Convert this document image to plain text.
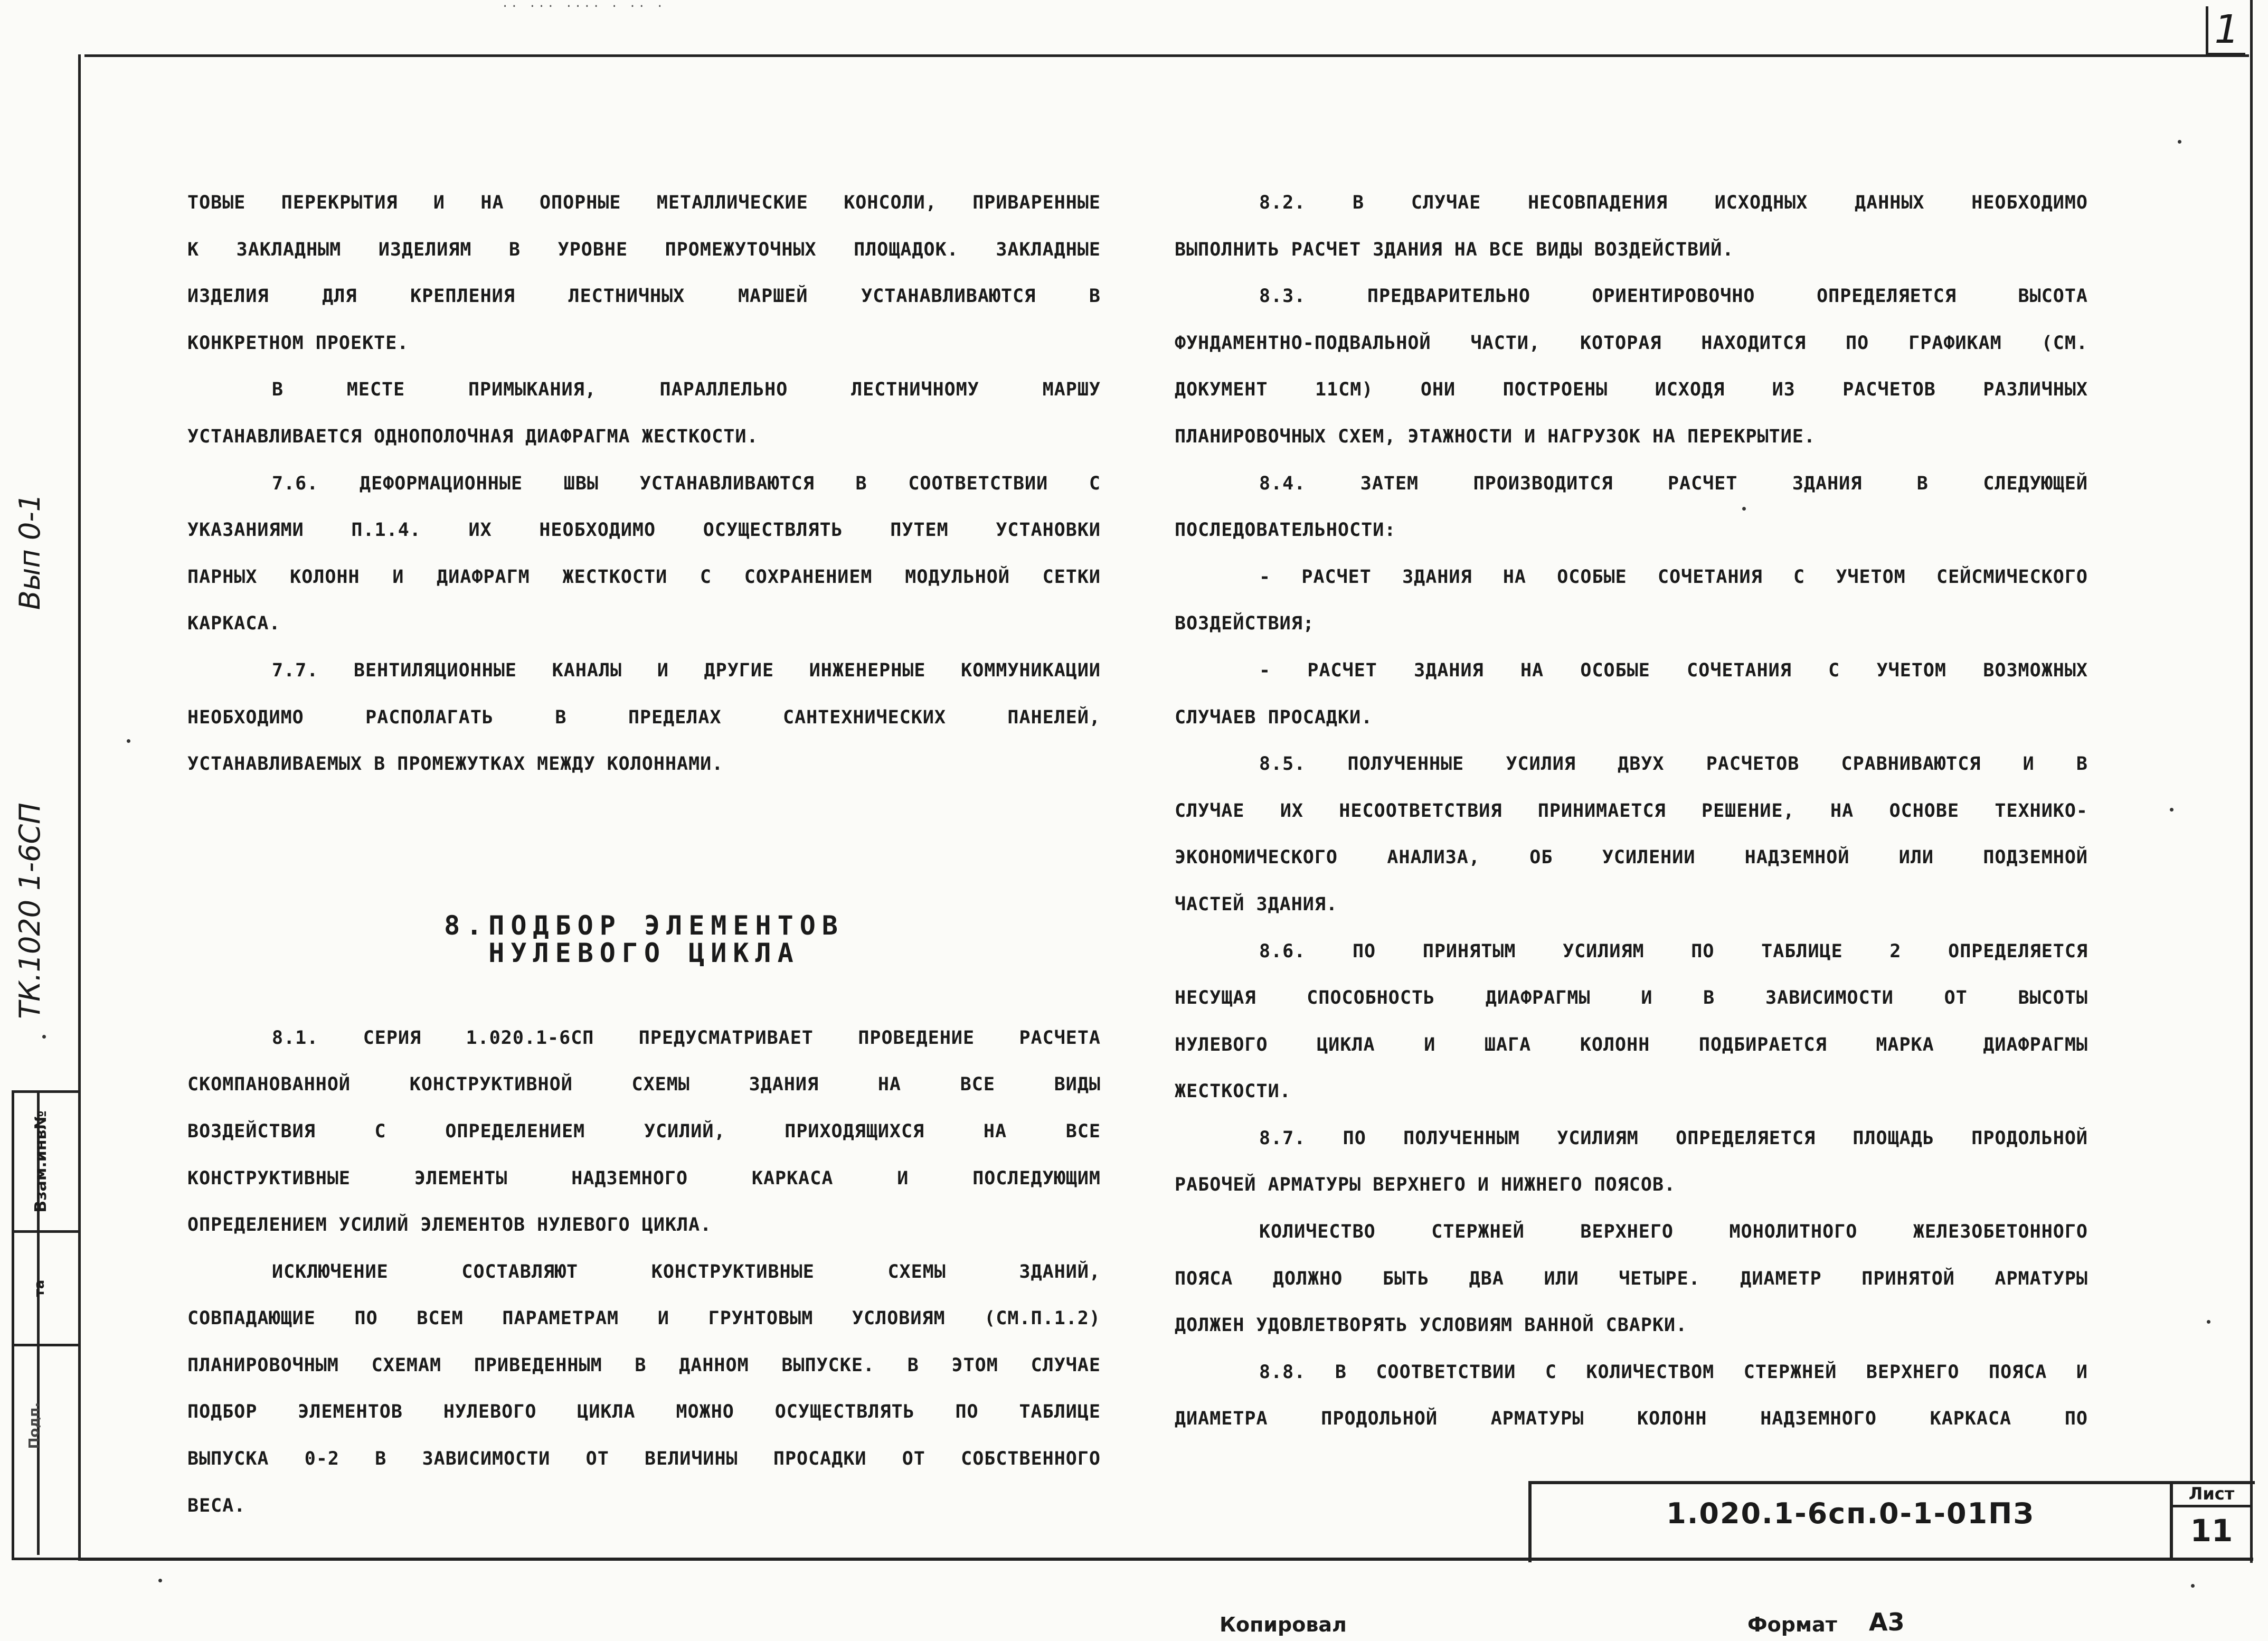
·· ··· ···· · ·· ·
1
Вып 0-1
ТК.1020 1-6СП
Взам.инв№
та
Подп.
ТОВЫЕ ПЕРЕКРЫТИЯ И НА ОПОРНЫЕ МЕТАЛЛИЧЕСКИЕ КОНСОЛИ, ПРИВАРЕННЫЕ
К ЗАКЛАДНЫМ ИЗДЕЛИЯМ В УРОВНЕ ПРОМЕЖУТОЧНЫХ ПЛОЩАДОК. ЗАКЛАДНЫЕ
ИЗДЕЛИЯ ДЛЯ КРЕПЛЕНИЯ ЛЕСТНИЧНЫХ МАРШЕЙ УСТАНАВЛИВАЮТСЯ В
КОНКРЕТНОМ ПРОЕКТЕ.
В МЕСТЕ ПРИМЫКАНИЯ, ПАРАЛЛЕЛЬНО ЛЕСТНИЧНОМУ МАРШУ
УСТАНАВЛИВАЕТСЯ ОДНОПОЛОЧНАЯ ДИАФРАГМА ЖЕСТКОСТИ.
7.6. ДЕФОРМАЦИОННЫЕ ШВЫ УСТАНАВЛИВАЮТСЯ В СООТВЕТСТВИИ С
УКАЗАНИЯМИ П.1.4. ИХ НЕОБХОДИМО ОСУЩЕСТВЛЯТЬ ПУТЕМ УСТАНОВКИ
ПАРНЫХ КОЛОНН И ДИАФРАГМ ЖЕСТКОСТИ С СОХРАНЕНИЕМ МОДУЛЬНОЙ СЕТКИ
КАРКАСА.
7.7. ВЕНТИЛЯЦИОННЫЕ КАНАЛЫ И ДРУГИЕ ИНЖЕНЕРНЫЕ КОММУНИКАЦИИ
НЕОБХОДИМО РАСПОЛАГАТЬ В ПРЕДЕЛАХ САНТЕХНИЧЕСКИХ ПАНЕЛЕЙ,
УСТАНАВЛИВАЕМЫХ В ПРОМЕЖУТКАХ МЕЖДУ КОЛОННАМИ.
8.ПОДБОР ЭЛЕМЕНТОВ
НУЛЕВОГО ЦИКЛА
8.1. СЕРИЯ 1.020.1-6СП ПРЕДУСМАТРИВАЕТ ПРОВЕДЕНИЕ РАСЧЕТА
СКОМПАНОВАННОЙ КОНСТРУКТИВНОЙ СХЕМЫ ЗДАНИЯ НА ВСЕ ВИДЫ
ВОЗДЕЙСТВИЯ С ОПРЕДЕЛЕНИЕМ УСИЛИЙ, ПРИХОДЯЩИХСЯ НА ВСЕ
КОНСТРУКТИВНЫЕ ЭЛЕМЕНТЫ НАДЗЕМНОГО КАРКАСА И ПОСЛЕДУЮЩИМ
ОПРЕДЕЛЕНИЕМ УСИЛИЙ ЭЛЕМЕНТОВ НУЛЕВОГО ЦИКЛА.
ИСКЛЮЧЕНИЕ СОСТАВЛЯЮТ КОНСТРУКТИВНЫЕ СХЕМЫ ЗДАНИЙ,
СОВПАДАЮЩИЕ ПО ВСЕМ ПАРАМЕТРАМ И ГРУНТОВЫМ УСЛОВИЯМ (СМ.П.1.2)
ПЛАНИРОВОЧНЫМ СХЕМАМ ПРИВЕДЕННЫМ В ДАННОМ ВЫПУСКЕ. В ЭТОМ СЛУЧАЕ
ПОДБОР ЭЛЕМЕНТОВ НУЛЕВОГО ЦИКЛА МОЖНО ОСУЩЕСТВЛЯТЬ ПО ТАБЛИЦЕ
ВЫПУСКА 0-2 В ЗАВИСИМОСТИ ОТ ВЕЛИЧИНЫ ПРОСАДКИ ОТ СОБСТВЕННОГО
ВЕСА.
8.2. В СЛУЧАЕ НЕСОВПАДЕНИЯ ИСХОДНЫХ ДАННЫХ НЕОБХОДИМО
ВЫПОЛНИТЬ РАСЧЕТ ЗДАНИЯ НА ВСЕ ВИДЫ ВОЗДЕЙСТВИЙ.
8.3. ПРЕДВАРИТЕЛЬНО ОРИЕНТИРОВОЧНО ОПРЕДЕЛЯЕТСЯ ВЫСОТА
ФУНДАМЕНТНО-ПОДВАЛЬНОЙ ЧАСТИ, КОТОРАЯ НАХОДИТСЯ ПО ГРАФИКАМ (СМ.
ДОКУМЕНТ 11СМ) ОНИ ПОСТРОЕНЫ ИСХОДЯ ИЗ РАСЧЕТОВ РАЗЛИЧНЫХ
ПЛАНИРОВОЧНЫХ СХЕМ, ЭТАЖНОСТИ И НАГРУЗОК НА ПЕРЕКРЫТИЕ.
8.4. ЗАТЕМ ПРОИЗВОДИТСЯ РАСЧЕТ ЗДАНИЯ В СЛЕДУЮЩЕЙ
ПОСЛЕДОВАТЕЛЬНОСТИ:
- РАСЧЕТ ЗДАНИЯ НА ОСОБЫЕ СОЧЕТАНИЯ С УЧЕТОМ СЕЙСМИЧЕСКОГО
ВОЗДЕЙСТВИЯ;
- РАСЧЕТ ЗДАНИЯ НА ОСОБЫЕ СОЧЕТАНИЯ С УЧЕТОМ ВОЗМОЖНЫХ
СЛУЧАЕВ ПРОСАДКИ.
8.5. ПОЛУЧЕННЫЕ УСИЛИЯ ДВУХ РАСЧЕТОВ СРАВНИВАЮТСЯ И В
СЛУЧАЕ ИХ НЕСООТВЕТСТВИЯ ПРИНИМАЕТСЯ РЕШЕНИЕ, НА ОСНОВЕ ТЕХНИКО-
ЭКОНОМИЧЕСКОГО АНАЛИЗА, ОБ УСИЛЕНИИ НАДЗЕМНОЙ ИЛИ ПОДЗЕМНОЙ
ЧАСТЕЙ ЗДАНИЯ.
8.6. ПО ПРИНЯТЫМ УСИЛИЯМ ПО ТАБЛИЦЕ 2 ОПРЕДЕЛЯЕТСЯ
НЕСУЩАЯ СПОСОБНОСТЬ ДИАФРАГМЫ И В ЗАВИСИМОСТИ ОТ ВЫСОТЫ
НУЛЕВОГО ЦИКЛА И ШАГА КОЛОНН ПОДБИРАЕТСЯ МАРКА ДИАФРАГМЫ
ЖЕСТКОСТИ.
8.7. ПО ПОЛУЧЕННЫМ УСИЛИЯМ ОПРЕДЕЛЯЕТСЯ ПЛОЩАДЬ ПРОДОЛЬНОЙ
РАБОЧЕЙ АРМАТУРЫ ВЕРХНЕГО И НИЖНЕГО ПОЯСОВ.
КОЛИЧЕСТВО СТЕРЖНЕЙ ВЕРХНЕГО МОНОЛИТНОГО ЖЕЛЕЗОБЕТОННОГО
ПОЯСА ДОЛЖНО БЫТЬ ДВА ИЛИ ЧЕТЫРЕ. ДИАМЕТР ПРИНЯТОЙ АРМАТУРЫ
ДОЛЖЕН УДОВЛЕТВОРЯТЬ УСЛОВИЯМ ВАННОЙ СВАРКИ.
8.8. В СООТВЕТСТВИИ С КОЛИЧЕСТВОМ СТЕРЖНЕЙ ВЕРХНЕГО ПОЯСА И
ДИАМЕТРА ПРОДОЛЬНОЙ АРМАТУРЫ КОЛОНН НАДЗЕМНОГО КАРКАСА ПО
1.020.1-6сп.0-1-01ПЗ
Лист
11
Копировал	Формат А3
